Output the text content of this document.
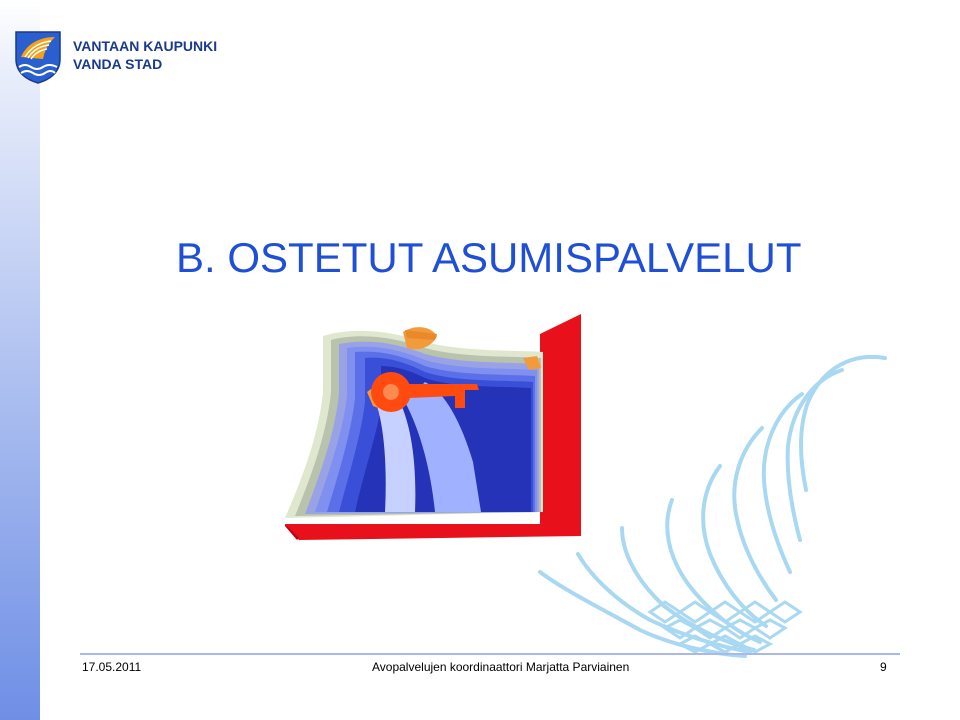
VANTAAN KAUPUNKI
VANDA STAD
B. OSTETUT ASUMISPALVELUT
17.05.2011	Avopalvelujen koordinaattori Marjatta Parviainen	9
